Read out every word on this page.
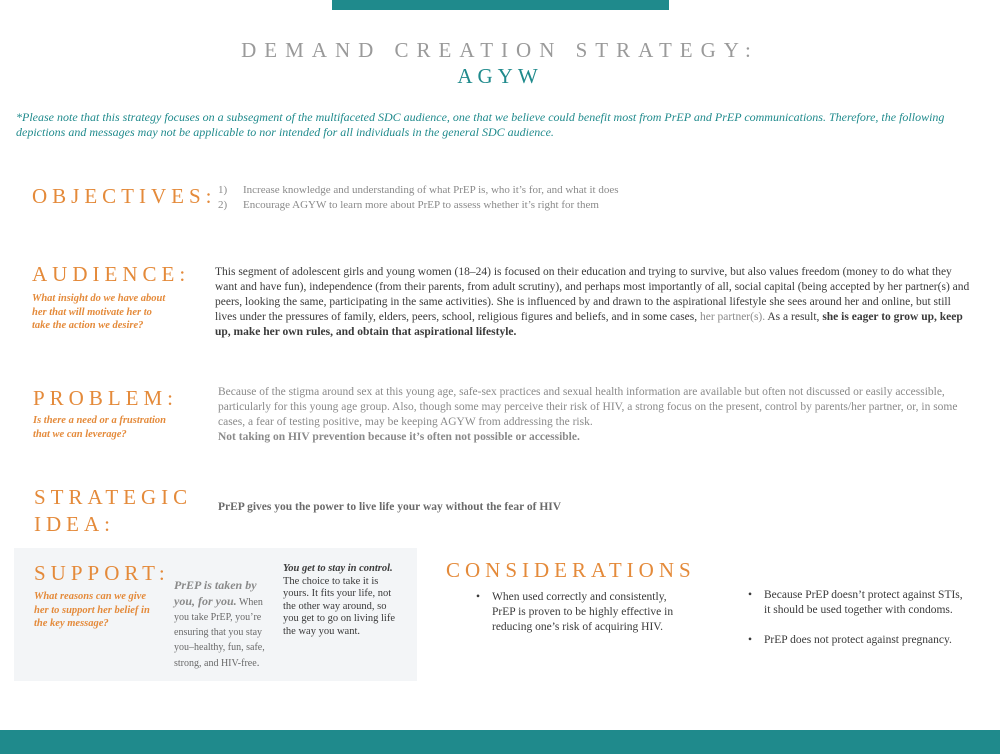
DEMAND CREATION STRATEGY:
AGYW
*Please note that this strategy focuses on a subsegment of the multifaceted SDC audience, one that we believe could benefit most from PrEP and PrEP communications. Therefore, the following depictions and messages may not be applicable to nor intended for all individuals in the general SDC audience.
OBJECTIVES: 1)	Increase knowledge and understanding of what PrEP is, who it’s for, and what it does
2)	Encourage AGYW to learn more about PrEP to assess whether it’s right for them
AUDIENCE:
What insight do we have about her that will motivate her to take the action we desire?
This segment of adolescent girls and young women (18–24) is focused on their education and trying to survive, but also values freedom (money to do what they want and have fun), independence (from their parents, from adult scrutiny), and perhaps most importantly of all, social capital (being accepted by her partner(s) and peers, looking the same, participating in the same activities). She is influenced by and drawn to the aspirational lifestyle she sees around her and online, but still lives under the pressures of family, elders, peers, school, religious figures and beliefs, and in some cases, her partner(s). As a result, she is eager to grow up, keep up, make her own rules, and obtain that aspirational lifestyle.
PROBLEM:
Is there a need or a frustration that we can leverage?
Because of the stigma around sex at this young age, safe-sex practices and sexual health information are available but often not discussed or easily accessible, particularly for this young age group. Also, though some may perceive their risk of HIV, a strong focus on the present, control by parents/her partner, or, in some cases, a fear of testing positive, may be keeping AGYW from addressing the risk.
Not taking on HIV prevention because it’s often not possible or accessible.
STRATEGIC
IDEA:
PrEP gives you the power to live life your way without the fear of HIV
SUPPORT:
What reasons can we give her to support her belief in the key message?
PrEP is taken by you, for you. When you take PrEP, you’re ensuring that you stay you–healthy, fun, safe, strong, and HIV-free.
You get to stay in control.
The choice to take it is yours. It fits your life, not the other way around, so you get to go on living life the way you want.
CONSIDERATIONS
• When used correctly and consistently, PrEP is proven to be highly effective in reducing one’s risk of acquiring HIV.
• Because PrEP doesn’t protect against STIs, it should be used together with condoms.
• PrEP does not protect against pregnancy.
